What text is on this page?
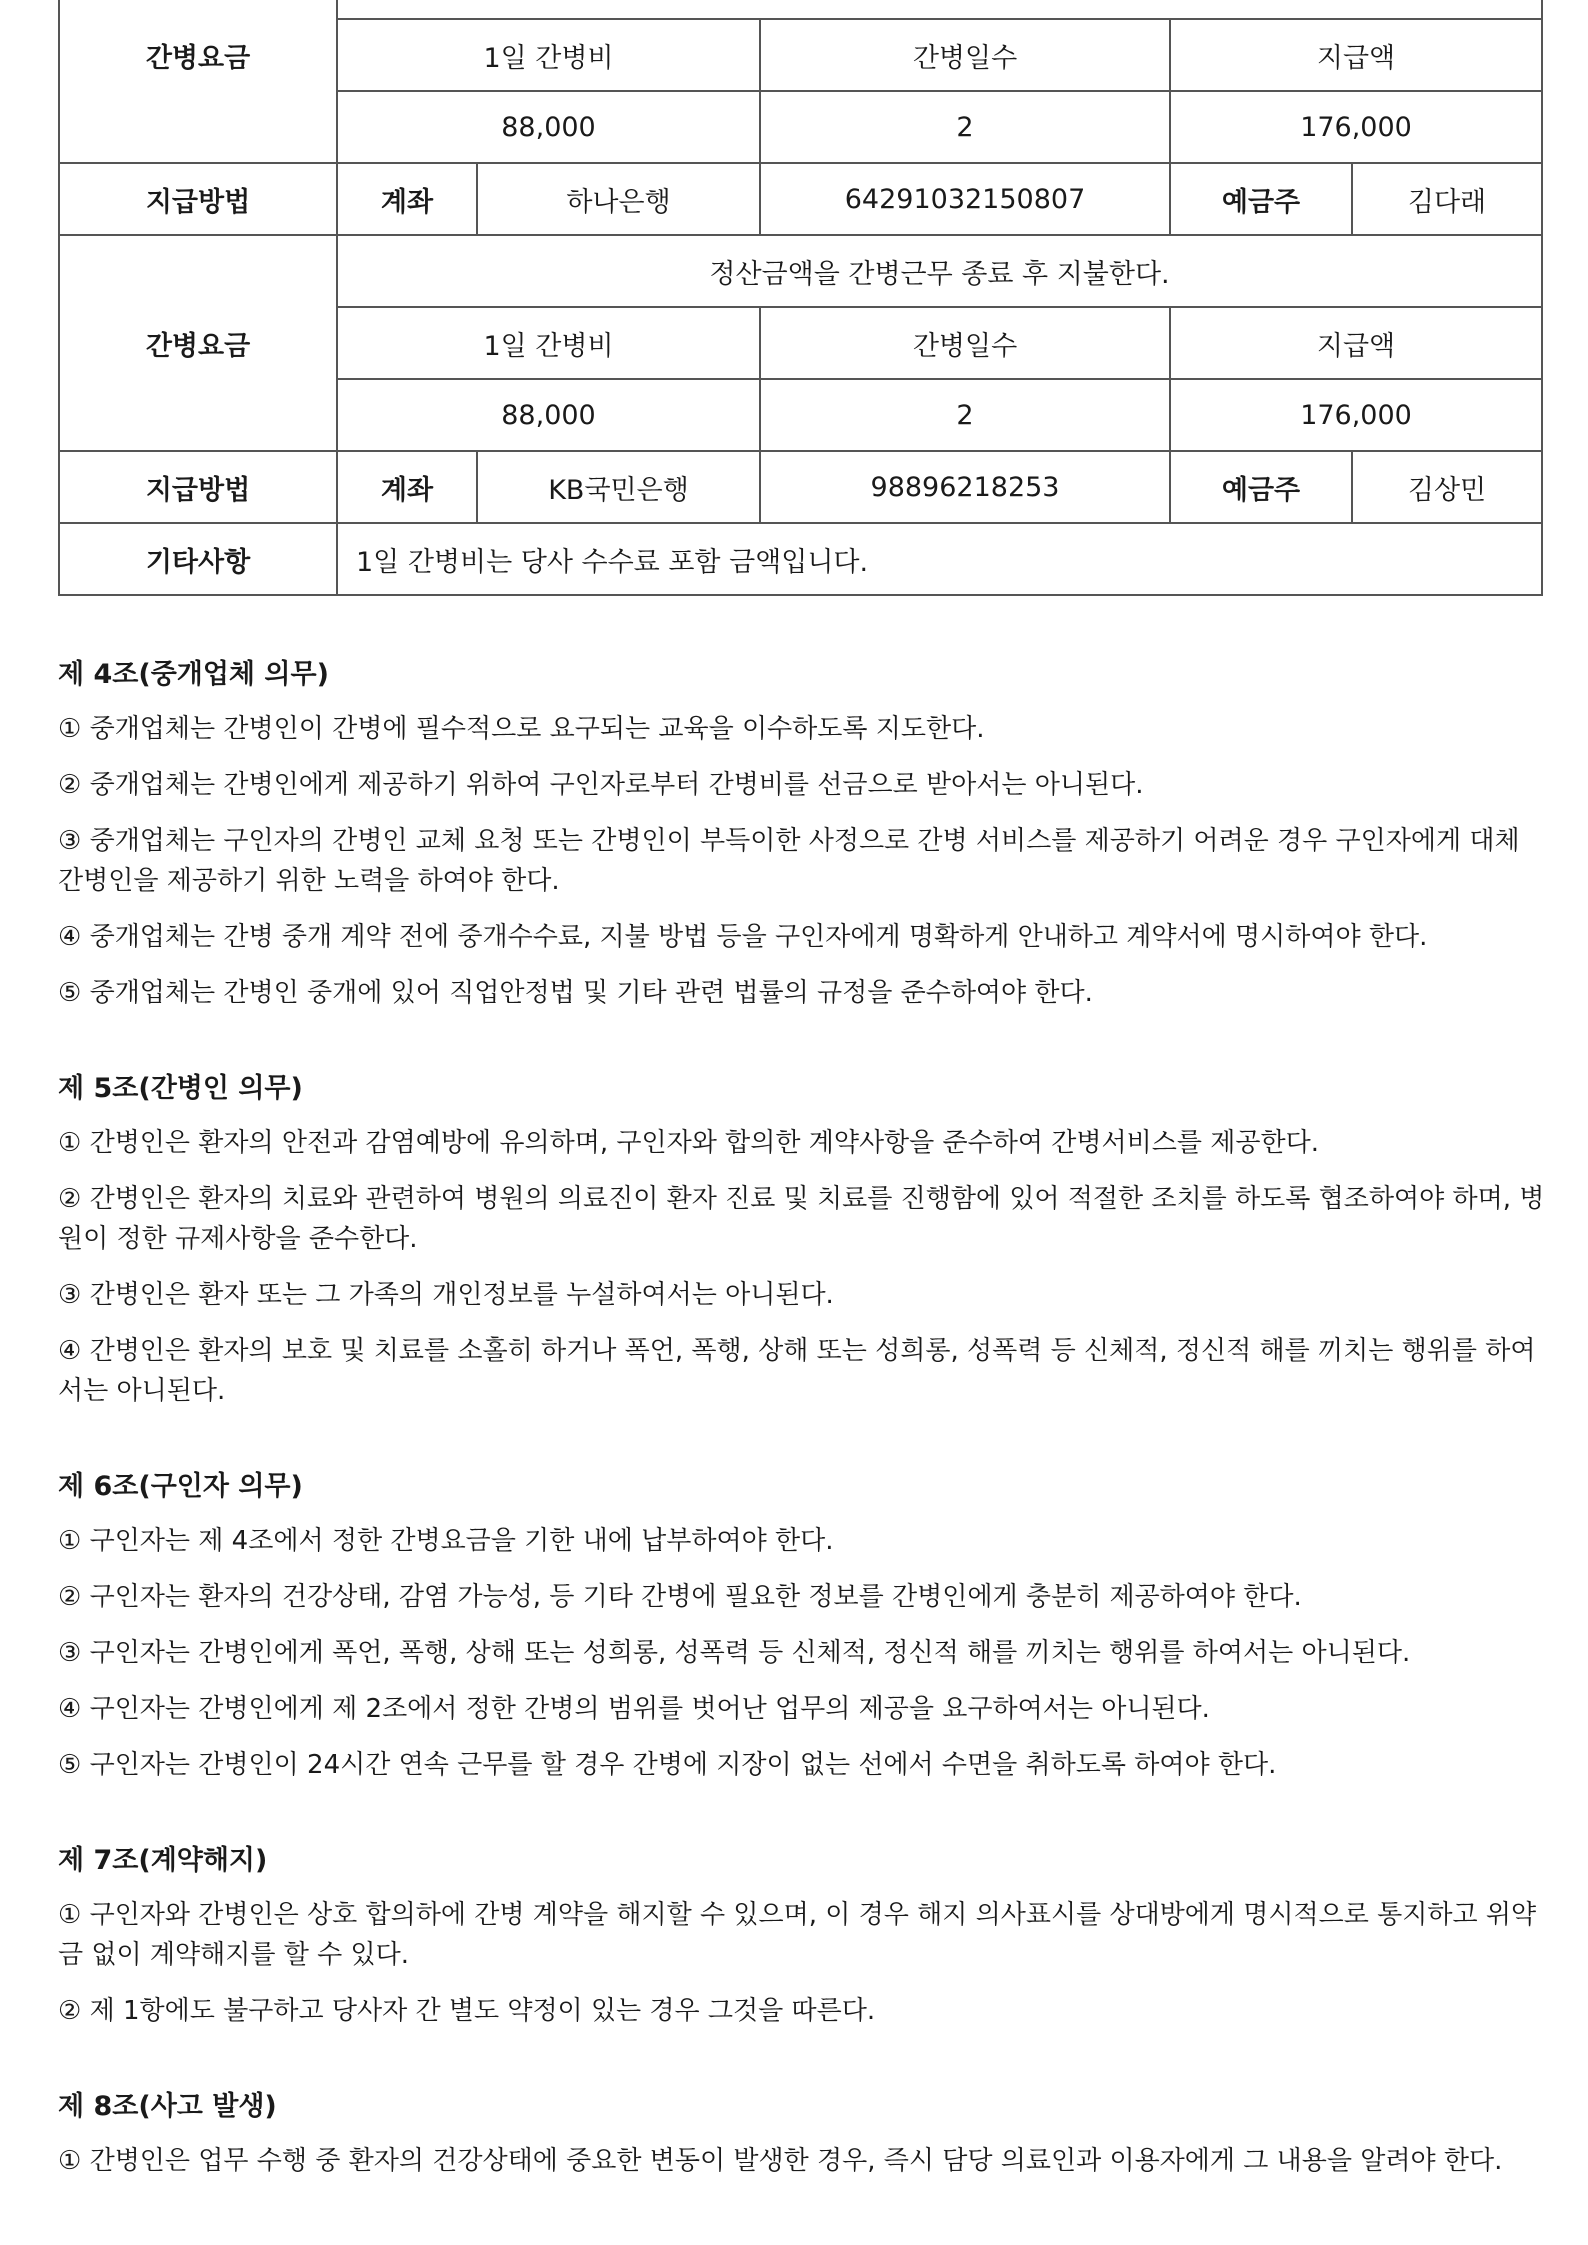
간병요금	
	1일 간병비		간병일수	지급액	
	88,000		2	176,000	
지급방법	계좌	하나은행	64291032150807	예금주	김다래
간병요금	정산금액을 간병근무 종료 후 지불한다.				
	1일 간병비		간병일수	지급액	
	88,000		2	176,000	
지급방법	계좌	KB국민은행	98896218253	예금주	김상민
기타사항	1일 간병비는 당사 수수료 포함 금액입니다.				
제 4조(중개업체 의무)

① 중개업체는 간병인이 간병에 필수적으로 요구되는 교육을 이수하도록 지도한다.

② 중개업체는 간병인에게 제공하기 위하여 구인자로부터 간병비를 선금으로 받아서는 아니된다.

③ 중개업체는 구인자의 간병인 교체 요청 또는 간병인이 부득이한 사정으로 간병 서비스를 제공하기 어려운 경우 구인자에게 대체 간병인을 제공하기 위한 노력을 하여야 한다.

④ 중개업체는 간병 중개 계약 전에 중개수수료, 지불 방법 등을 구인자에게 명확하게 안내하고 계약서에 명시하여야 한다.

⑤ 중개업체는 간병인 중개에 있어 직업안정법 및 기타 관련 법률의 규정을 준수하여야 한다.

제 5조(간병인 의무)

① 간병인은 환자의 안전과 감염예방에 유의하며, 구인자와 합의한 계약사항을 준수하여 간병서비스를 제공한다.

② 간병인은 환자의 치료와 관련하여 병원의 의료진이 환자 진료 및 치료를 진행함에 있어 적절한 조치를 하도록 협조하여야 하며, 병원이 정한 규제사항을 준수한다.

③ 간병인은 환자 또는 그 가족의 개인정보를 누설하여서는 아니된다.

④ 간병인은 환자의 보호 및 치료를 소홀히 하거나 폭언, 폭행, 상해 또는 성희롱, 성폭력 등 신체적, 정신적 해를 끼치는 행위를 하여서는 아니된다.

제 6조(구인자 의무)

① 구인자는 제 4조에서 정한 간병요금을 기한 내에 납부하여야 한다.

② 구인자는 환자의 건강상태, 감염 가능성, 등 기타 간병에 필요한 정보를 간병인에게 충분히 제공하여야 한다.

③ 구인자는 간병인에게 폭언, 폭행, 상해 또는 성희롱, 성폭력 등 신체적, 정신적 해를 끼치는 행위를 하여서는 아니된다.

④ 구인자는 간병인에게 제 2조에서 정한 간병의 범위를 벗어난 업무의 제공을 요구하여서는 아니된다.

⑤ 구인자는 간병인이 24시간 연속 근무를 할 경우 간병에 지장이 없는 선에서 수면을 취하도록 하여야 한다.

제 7조(계약해지)

① 구인자와 간병인은 상호 합의하에 간병 계약을 해지할 수 있으며, 이 경우 해지 의사표시를 상대방에게 명시적으로 통지하고 위약금 없이 계약해지를 할 수 있다.

② 제 1항에도 불구하고 당사자 간 별도 약정이 있는 경우 그것을 따른다.

제 8조(사고 발생)

① 간병인은 업무 수행 중 환자의 건강상태에 중요한 변동이 발생한 경우, 즉시 담당 의료인과 이용자에게 그 내용을 알려야 한다.
